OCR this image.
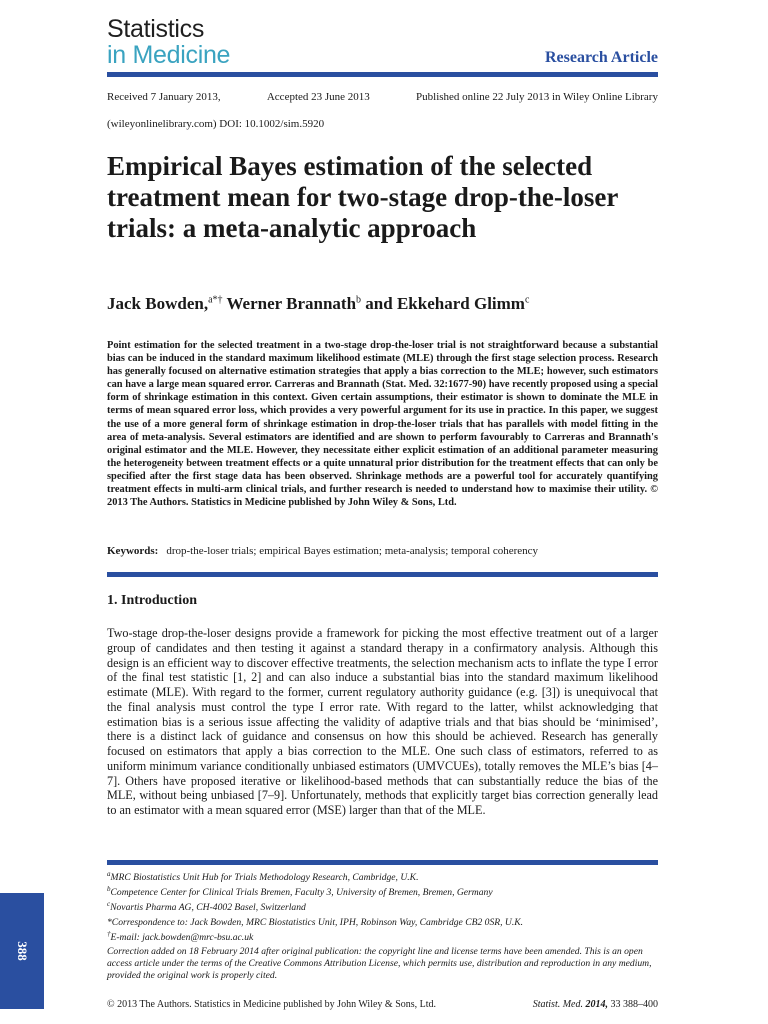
Statistics
in Medicine	Research Article
Received 7 January 2013,	Accepted 23 June 2013	Published online 22 July 2013 in Wiley Online Library
(wileyonlinelibrary.com) DOI: 10.1002/sim.5920
Empirical Bayes estimation of the selected treatment mean for two-stage drop-the-loser trials: a meta-analytic approach
Jack Bowden,$^{a*\dagger}$ Werner Brannath$^b$ and Ekkehard Glimm$^c$

Point estimation for the selected treatment in a two-stage drop-the-loser trial is not straightforward because a substantial bias can be induced in the standard maximum likelihood estimate (MLE) through the first stage selection process. Research has generally focused on alternative estimation strategies that apply a bias correction to the MLE; however, such estimators can have a large mean squared error. Carreras and Brannath (Stat. Med. 32:1677-90) have recently proposed using a special form of shrinkage estimation in this context. Given certain assumptions, their estimator is shown to dominate the MLE in terms of mean squared error loss, which provides a very powerful argument for its use in practice. In this paper, we suggest the use of a more general form of shrinkage estimation in drop-the-loser trials that has parallels with model fitting in the area of meta-analysis. Several estimators are identified and are shown to perform favourably to Carreras and Brannath's original estimator and the MLE. However, they necessitate either explicit estimation of an additional parameter measuring the heterogeneity between treatment effects or a quite unnatural prior distribution for the treatment effects that can only be specified after the first stage data has been observed. Shrinkage methods are a powerful tool for accurately quantifying treatment effects in multi-arm clinical trials, and further research is needed to understand how to maximise their utility. © 2013 The Authors. Statistics in Medicine published by John Wiley & Sons, Ltd.

Keywords: drop-the-loser trials; empirical Bayes estimation; meta-analysis; temporal coherency
1. Introduction

Two-stage drop-the-loser designs provide a framework for picking the most effective treatment out of a larger group of candidates and then testing it against a standard therapy in a confirmatory analysis. Although this design is an efficient way to discover effective treatments, the selection mechanism acts to inflate the type I error of the final test statistic [1, 2] and can also induce a substantial bias into the standard maximum likelihood estimate (MLE). With regard to the former, current regulatory authority guidance (e.g. [3]) is unequivocal that the final analysis must control the type I error rate. With regard to the latter, whilst acknowledging that estimation bias is a serious issue affecting the validity of adaptive trials and that bias should be ‘minimised’, there is a distinct lack of guidance and consensus on how this should be achieved. Research has generally focused on estimators that apply a bias correction to the MLE. One such class of estimators, referred to as uniform minimum variance conditionally unbiased estimators (UMVCUEs), totally removes the MLE’s bias [4–7]. Others have proposed iterative or likelihood-based methods that can substantially reduce the bias of the MLE, without being unbiased [7–9]. Unfortunately, methods that explicitly target bias correction generally lead to an estimator with a mean squared error (MSE) larger than that of the MLE.

$^a$MRC Biostatistics Unit Hub for Trials Methodology Research, Cambridge, U.K.
$^b$Competence Center for Clinical Trials Bremen, Faculty 3, University of Bremen, Bremen, Germany
$^c$Novartis Pharma AG, CH-4002 Basel, Switzerland
*Correspondence to: Jack Bowden, MRC Biostatistics Unit, IPH, Robinson Way, Cambridge CB2 0SR, U.K.
†E-mail: jack.bowden@mrc-bsu.ac.uk
Correction added on 18 February 2014 after original publication: the copyright line and license terms have been amended. This is an open access article under the terms of the Creative Commons Attribution License, which permits use, distribution and reproduction in any medium, provided the original work is properly cited.
388
© 2013 The Authors. Statistics in Medicine published by John Wiley & Sons, Ltd.	Statist. Med. 2014, 33 388–400
